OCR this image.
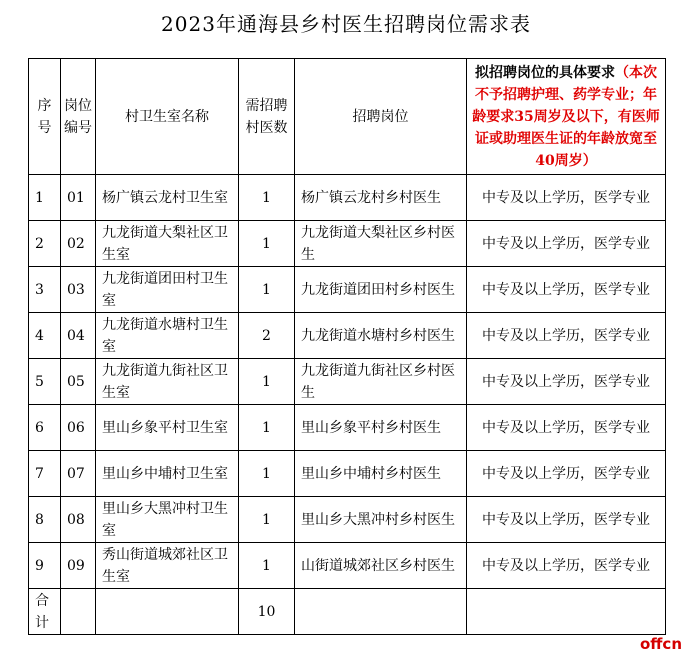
2023年通海县乡村医生招聘岗位需求表
序号	岗位编号	村卫生室名称	需招聘村医数	招聘岗位	拟招聘岗位的具体要求（本次不予招聘护理、药学专业；年龄要求35周岁及以下，有医师证或助理医生证的年龄放宽至40周岁）
1	01	杨广镇云龙村卫生室	1	杨广镇云龙村乡村医生	中专及以上学历，医学专业
2	02	九龙街道大梨社区卫生室	1	九龙街道大梨社区乡村医生	中专及以上学历，医学专业
3	03	九龙街道团田村卫生室	1	九龙街道团田村乡村医生	中专及以上学历，医学专业
4	04	九龙街道水塘村卫生室	2	九龙街道水塘村乡村医生	中专及以上学历，医学专业
5	05	九龙街道九街社区卫生室	1	九龙街道九街社区乡村医生	中专及以上学历，医学专业
6	06	里山乡象平村卫生室	1	里山乡象平村乡村医生	中专及以上学历，医学专业
7	07	里山乡中埔村卫生室	1	里山乡中埔村乡村医生	中专及以上学历，医学专业
8	08	里山乡大黑冲村卫生室	1	里山乡大黑冲村乡村医生	中专及以上学历，医学专业
9	09	秀山街道城郊社区卫生室	1	山街道城郊社区乡村医生	中专及以上学历，医学专业
合计			10		
offcn
